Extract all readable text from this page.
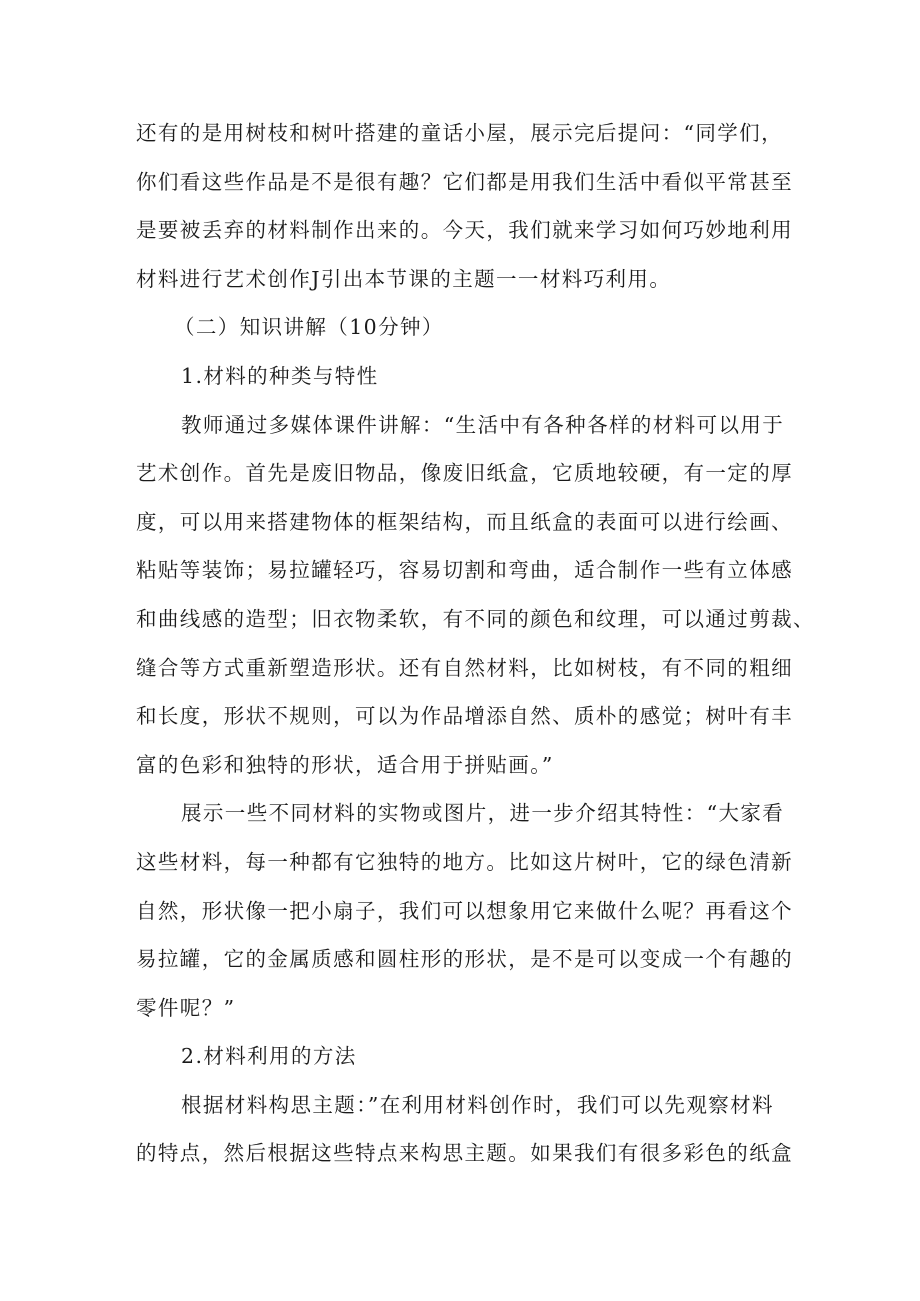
还有的是用树枝和树叶搭建的童话小屋，展示完后提问：“同学们，
你们看这些作品是不是很有趣？它们都是用我们生活中看似平常甚至
是要被丢弃的材料制作出来的。今天，我们就来学习如何巧妙地利用
材料进行艺术创作J引出本节课的主题一一材料巧利用。

（二）知识讲解（10分钟）

1.材料的种类与特性

教师通过多媒体课件讲解：“生活中有各种各样的材料可以用于
艺术创作。首先是废旧物品，像废旧纸盒，它质地较硬，有一定的厚
度，可以用来搭建物体的框架结构，而且纸盒的表面可以进行绘画、
粘贴等装饰；易拉罐轻巧，容易切割和弯曲，适合制作一些有立体感
和曲线感的造型；旧衣物柔软，有不同的颜色和纹理，可以通过剪裁、
缝合等方式重新塑造形状。还有自然材料，比如树枝，有不同的粗细
和长度，形状不规则，可以为作品增添自然、质朴的感觉；树叶有丰
富的色彩和独特的形状，适合用于拼贴画。”

展示一些不同材料的实物或图片，进一步介绍其特性：“大家看
这些材料，每一种都有它独特的地方。比如这片树叶，它的绿色清新
自然，形状像一把小扇子，我们可以想象用它来做什么呢？再看这个
易拉罐，它的金属质感和圆柱形的形状，是不是可以变成一个有趣的
零件呢？”

2.材料利用的方法

根据材料构思主题：”在利用材料创作时，我们可以先观察材料
的特点，然后根据这些特点来构思主题。如果我们有很多彩色的纸盒
